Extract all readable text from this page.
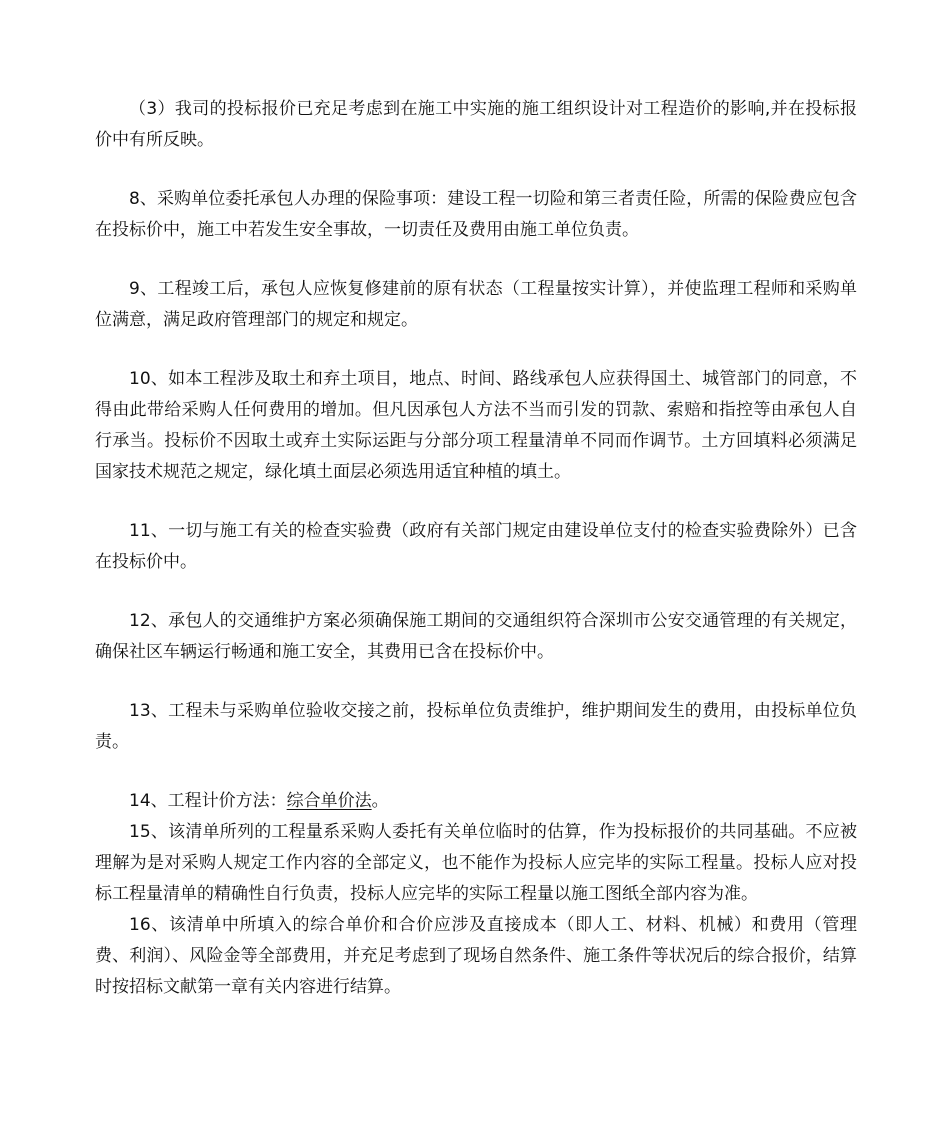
（3）我司的投标报价已充足考虑到在施工中实施的施工组织设计对工程造价的影响,并在投标报价中有所反映。

8、采购单位委托承包人办理的保险事项：建设工程一切险和第三者责任险，所需的保险费应包含在投标价中，施工中若发生安全事故，一切责任及费用由施工单位负责。

9、工程竣工后，承包人应恢复修建前的原有状态（工程量按实计算），并使监理工程师和采购单位满意，满足政府管理部门的规定和规定。

10、如本工程涉及取土和弃土项目，地点、时间、路线承包人应获得国土、城管部门的同意，不得由此带给采购人任何费用的增加。但凡因承包人方法不当而引发的罚款、索赔和指控等由承包人自行承当。投标价不因取土或弃土实际运距与分部分项工程量清单不同而作调节。土方回填料必须满足国家技术规范之规定，绿化填土面层必须选用适宜种植的填土。

11、一切与施工有关的检查实验费（政府有关部门规定由建设单位支付的检查实验费除外）已含在投标价中。

12、承包人的交通维护方案必须确保施工期间的交通组织符合深圳市公安交通管理的有关规定，确保社区车辆运行畅通和施工安全，其费用已含在投标价中。

13、工程未与采购单位验收交接之前，投标单位负责维护，维护期间发生的费用，由投标单位负责。

14、工程计价方法：综合单价法。

15、该清单所列的工程量系采购人委托有关单位临时的估算，作为投标报价的共同基础。不应被理解为是对采购人规定工作内容的全部定义，也不能作为投标人应完毕的实际工程量。投标人应对投标工程量清单的精确性自行负责，投标人应完毕的实际工程量以施工图纸全部内容为准。

16、该清单中所填入的综合单价和合价应涉及直接成本（即人工、材料、机械）和费用（管理费、利润）、风险金等全部费用，并充足考虑到了现场自然条件、施工条件等状况后的综合报价，结算时按招标文献第一章有关内容进行结算。
